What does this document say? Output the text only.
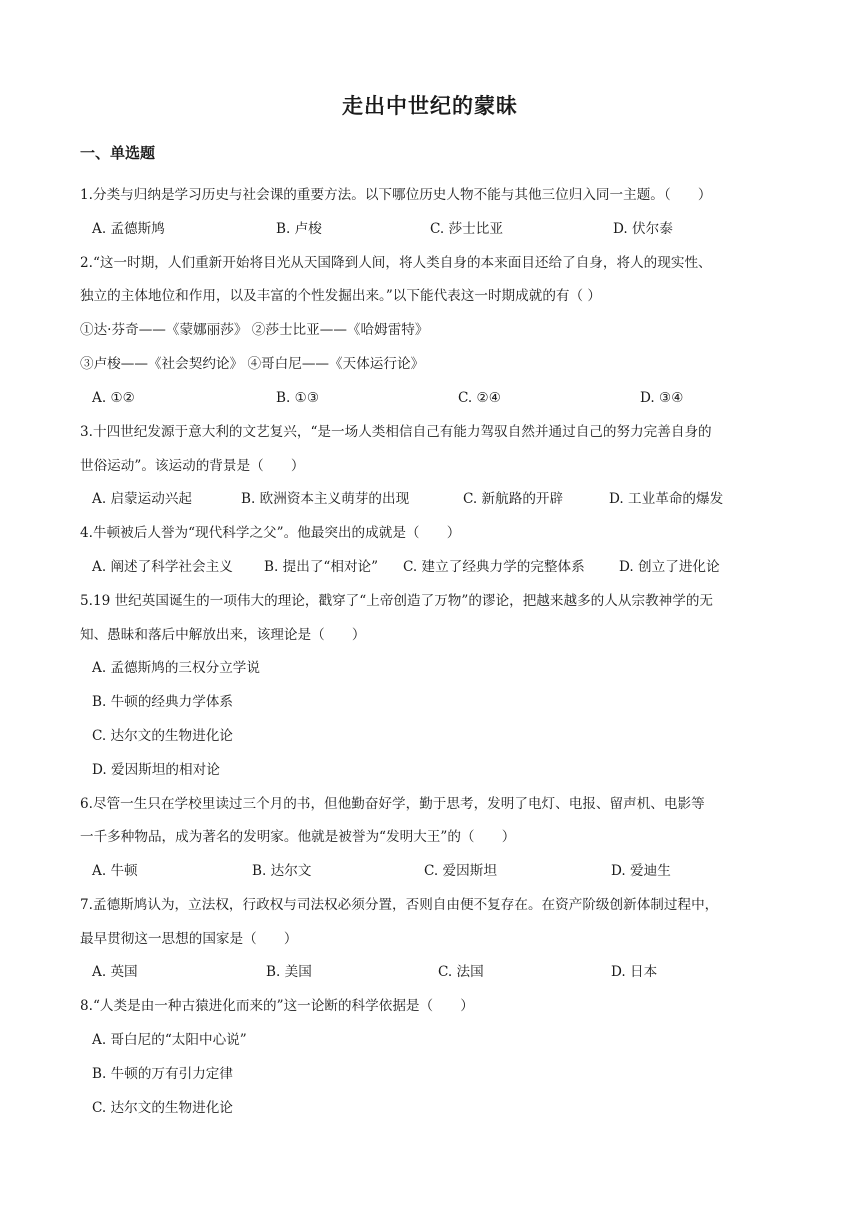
走出中世纪的蒙昧
一、单选题
1.分类与归纳是学习历史与社会课的重要方法。以下哪位历史人物不能与其他三位归入同一主题。（　　）
A. 孟德斯鸠	B. 卢梭	C. 莎士比亚	D. 伏尔泰
2.“这一时期，人们重新开始将目光从天国降到人间，将人类自身的本来面目还给了自身，将人的现实性、
独立的主体地位和作用，以及丰富的个性发掘出来。”以下能代表这一时期成就的有（ ）
①达·芬奇——《蒙娜丽莎》 ②莎士比亚——《哈姆雷特》
③卢梭——《社会契约论》 ④哥白尼——《天体运行论》
A. ①②	B. ①③	C. ②④	D. ③④
3.十四世纪发源于意大利的文艺复兴，“是一场人类相信自己有能力驾驭自然并通过自己的努力完善自身的
世俗运动”。该运动的背景是（　　）
A. 启蒙运动兴起	B. 欧洲资本主义萌芽的出现	C. 新航路的开辟	D. 工业革命的爆发
4.牛顿被后人誉为“现代科学之父”。他最突出的成就是（　　）
A. 阐述了科学社会主义 B. 提出了“相对论” C. 建立了经典力学的完整体系	D. 创立了进化论
5.19 世纪英国诞生的一项伟大的理论，戳穿了“上帝创造了万物”的谬论，把越来越多的人从宗教神学的无
知、愚昧和落后中解放出来，该理论是（　　）
A. 孟德斯鸠的三权分立学说
B. 牛顿的经典力学体系
C. 达尔文的生物进化论
D. 爱因斯坦的相对论
6.尽管一生只在学校里读过三个月的书，但他勤奋好学，勤于思考，发明了电灯、电报、留声机、电影等
一千多种物品，成为著名的发明家。他就是被誉为“发明大王”的（　　）
A. 牛顿	B. 达尔文	C. 爱因斯坦	D. 爱迪生
7.孟德斯鸠认为，立法权，行政权与司法权必须分置，否则自由便不复存在。在资产阶级创新体制过程中，
最早贯彻这一思想的国家是（　　）
A. 英国	B. 美国	C. 法国	D. 日本
8.“人类是由一种古猿进化而来的”这一论断的科学依据是（　　）
A. 哥白尼的“太阳中心说”
B. 牛顿的万有引力定律
C. 达尔文的生物进化论
